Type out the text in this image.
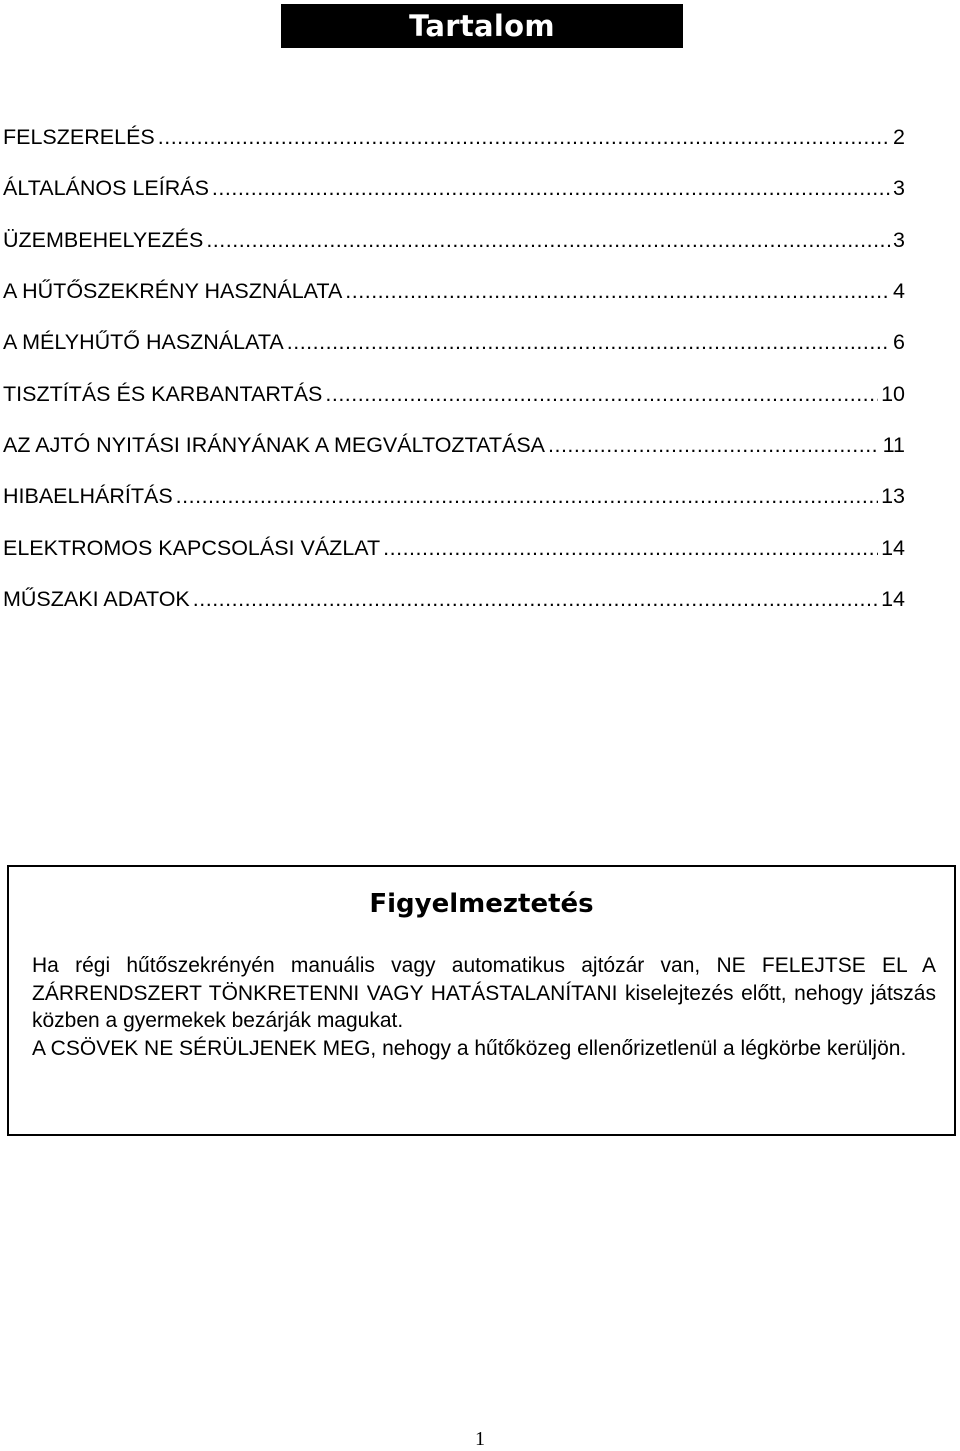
Tartalom
FELSZERELÉS .....	2
ÁLTALÁNOS LEÍRÁS .....	3
ÜZEMBEHELYEZÉS .....	3
A HŰTŐSZEKRÉNY HASZNÁLATA .....	4
A MÉLYHŰTŐ HASZNÁLATA .....	6
TISZTÍTÁS ÉS KARBANTARTÁS .....	10
AZ AJTÓ NYITÁSI IRÁNYÁNAK A MEGVÁLTOZTATÁSA .....	11
HIBAELHÁRÍTÁS .....	13
ELEKTROMOS KAPCSOLÁSI VÁZLAT .....	14
MŰSZAKI ADATOK .....	14
Figyelmeztetés

Ha régi hűtőszekrényén manuális vagy automatikus ajtózár van, NE FELEJTSE EL A ZÁRRENDSZERT TÖNKRETENNI VAGY HATÁSTALANÍTANI kiselejtezés előtt, nehogy játszás közben a gyermekek bezárják magukat.

A CSÖVEK NE SÉRÜLJENEK MEG, nehogy a hűtőközeg ellenőrizetlenül a légkörbe kerüljön.

1
